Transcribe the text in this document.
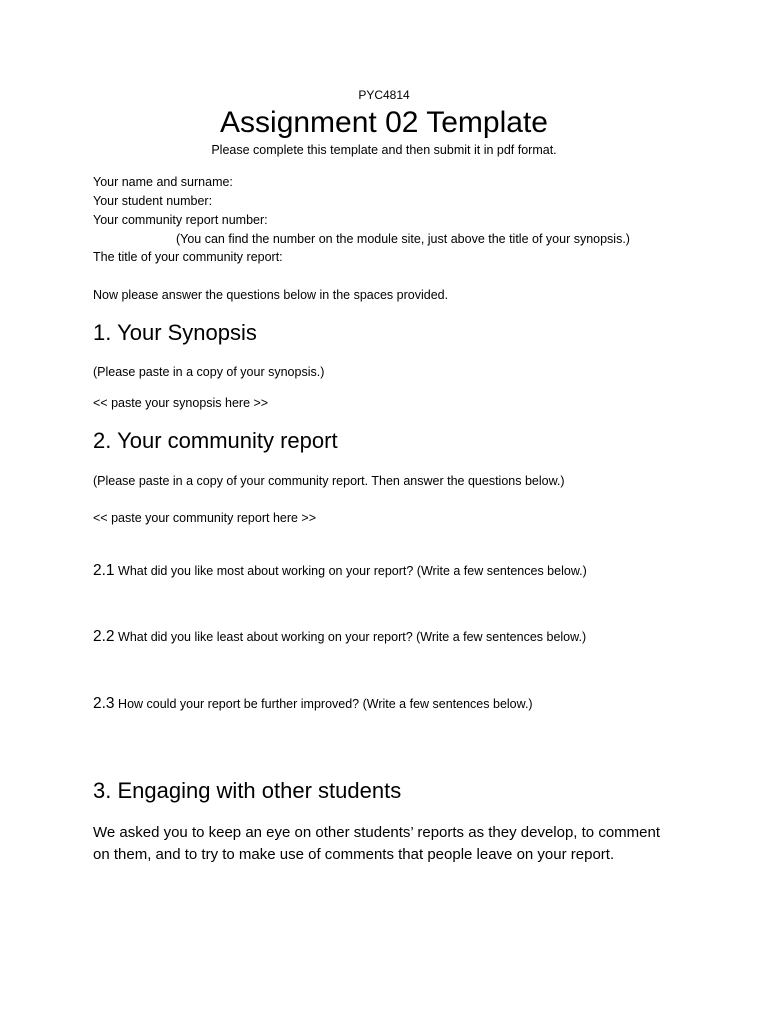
PYC4814
Assignment 02 Template
Please complete this template and then submit it in pdf format.
Your name and surname:
Your student number:
Your community report number:
(You can find the number on the module site, just above the title of your synopsis.)
The title of your community report:
Now please answer the questions below in the spaces provided.
1. Your Synopsis
(Please paste in a copy of your synopsis.)
<< paste your synopsis here >>
2. Your community report
(Please paste in a copy of your community report. Then answer the questions below.)
<< paste your community report here >>
2.1 What did you like most about working on your report? (Write a few sentences below.)
2.2 What did you like least about working on your report? (Write a few sentences below.)
2.3 How could your report be further improved? (Write a few sentences below.)
3. Engaging with other students
We asked you to keep an eye on other students’ reports as they develop, to comment on them, and to try to make use of comments that people leave on your report.
